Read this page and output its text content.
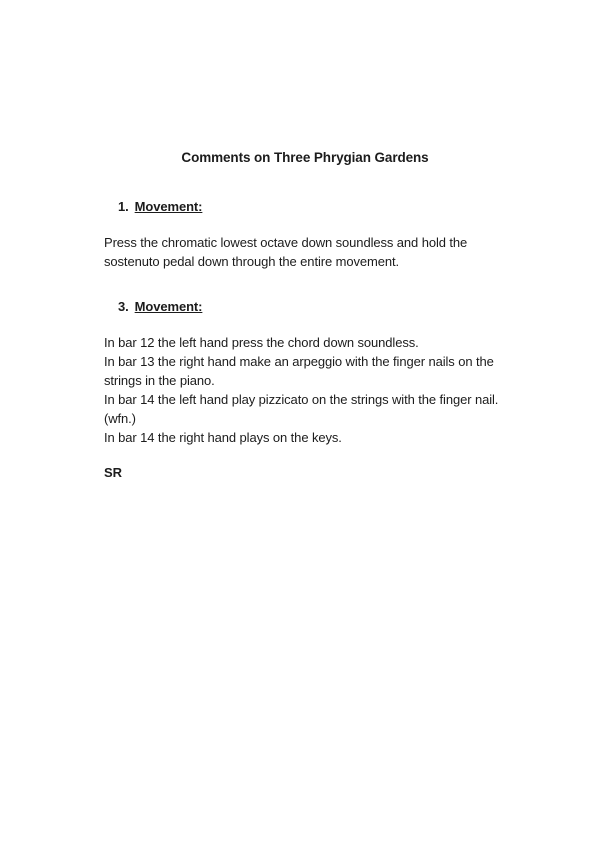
Comments on Three Phrygian Gardens
1. Movement:
Press the chromatic lowest octave down soundless and hold the
sostenuto pedal down through the entire movement.
3. Movement:
In bar 12 the left hand press the chord down soundless.
In bar 13 the right hand make an arpeggio with the finger nails on the
strings in the piano.
In bar 14 the left hand play pizzicato on the strings with the finger nail.
(wfn.)
In bar 14 the right hand plays on the keys.
SR
